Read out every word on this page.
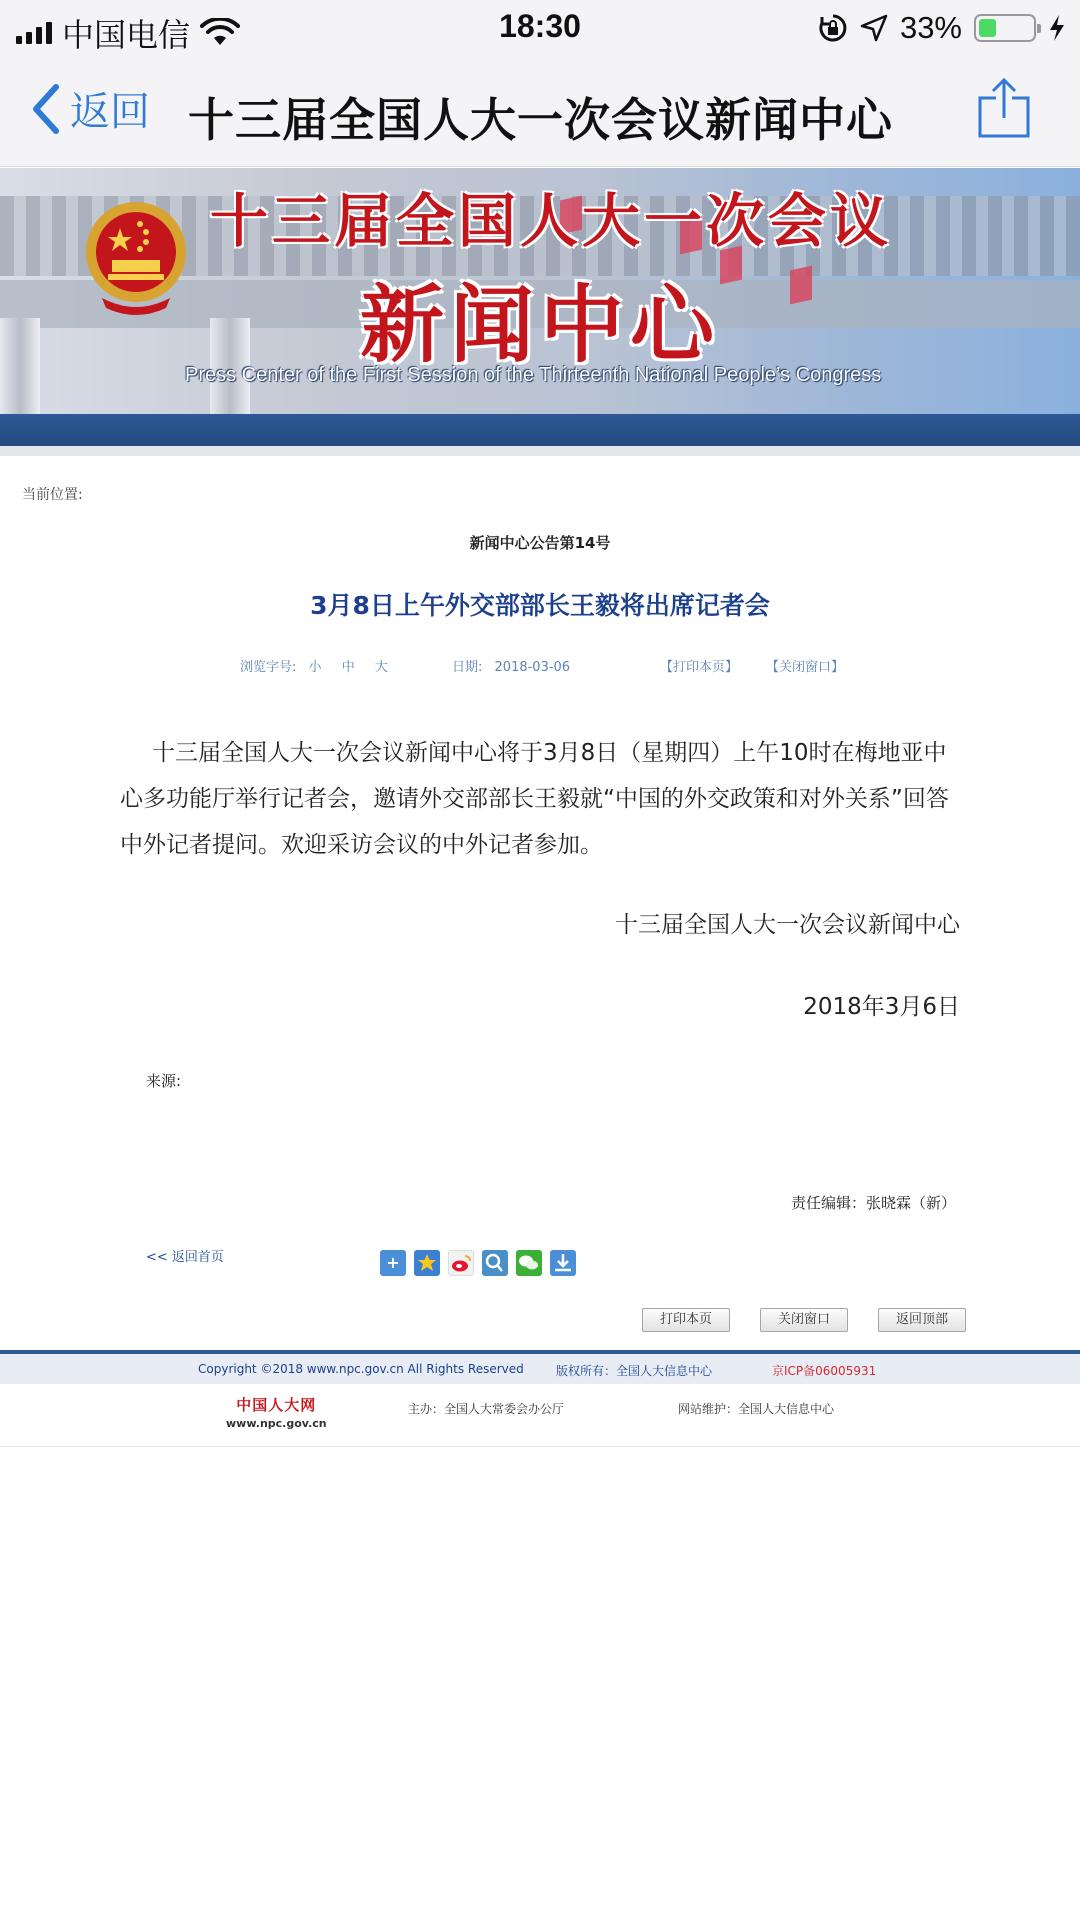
中国电信	18:30	33%
返回 十三届全国人大一次会议新闻中心
十三届全国人大一次会议
新闻中心
Press Center of the First Session of the Thirteenth National People’s Congress
当前位置:
新闻中心公告第14号
3月8日上午外交部部长王毅将出席记者会
浏览字号: 小 中 大	日期: 2018-03-06	【打印本页】 【关闭窗口】
十三届全国人大一次会议新闻中心将于3月8日（星期四）上午10时在梅地亚中心多功能厅举行记者会，邀请外交部部长王毅就“中国的外交政策和对外关系”回答中外记者提问。欢迎采访会议的中外记者参加。
十三届全国人大一次会议新闻中心
2018年3月6日
来源:
责任编辑：张晓霖（新）
<< 返回首页	+
打印本页	关闭窗口	返回顶部
Copyright ©2018 www.npc.gov.cn All Rights Reserved	版权所有：全国人大信息中心	京ICP备06005931
中国人大网
www.npc.gov.cn
主办：全国人大常委会办公厅	网站维护：全国人大信息中心
